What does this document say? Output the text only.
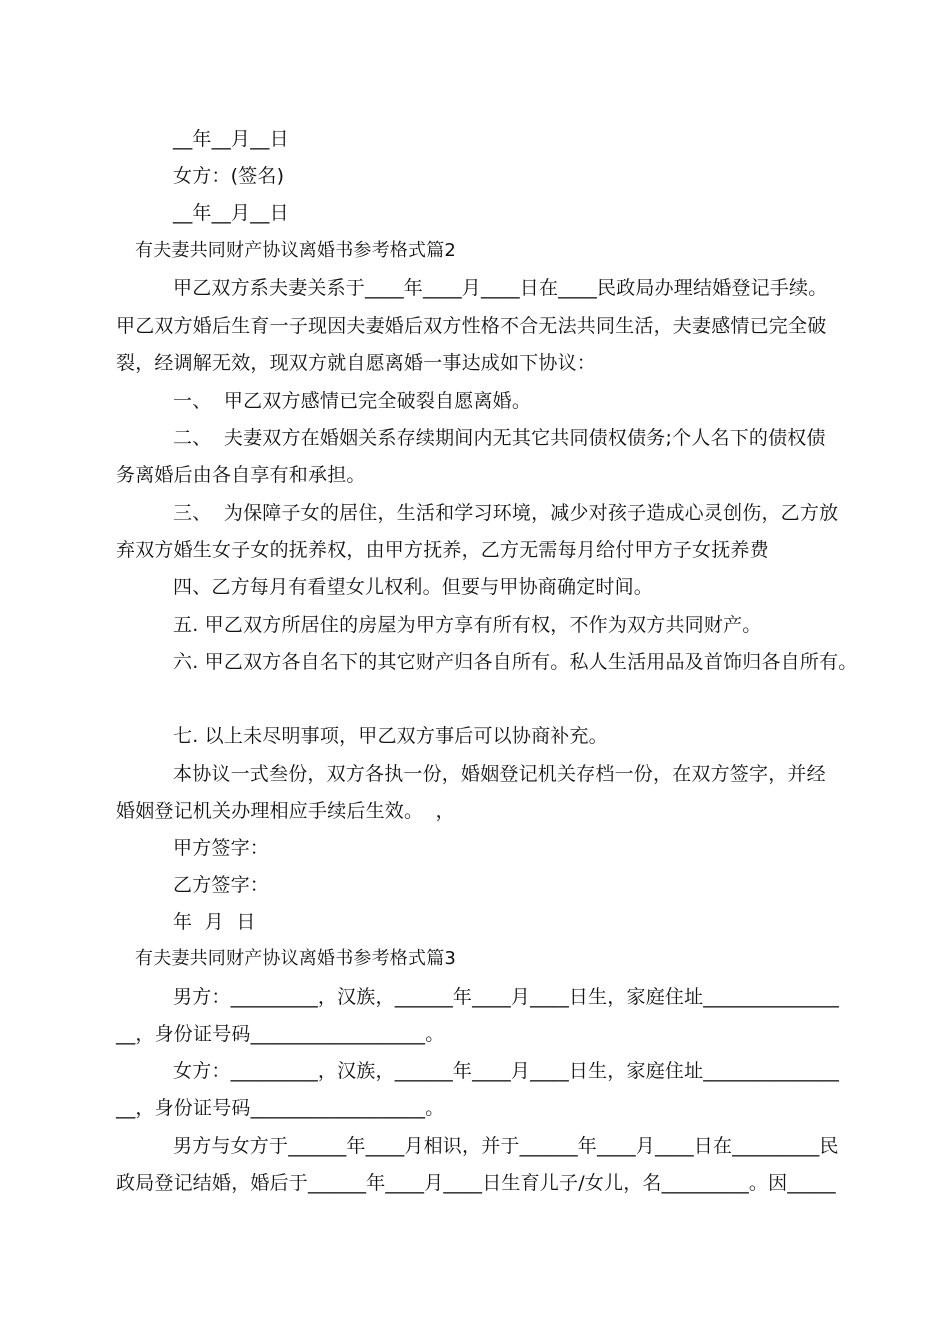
__年__月__日
女方：(签名)
__年__月__日
有夫妻共同财产协议离婚书参考格式篇2
甲乙双方系夫妻关系于____年____月____日在____民政局办理结婚登记手续。
甲乙双方婚后生育一子现因夫妻婚后双方性格不合无法共同生活，夫妻感情已完全破
裂，经调解无效，现双方就自愿离婚一事达成如下协议：
一、  甲乙双方感情已完全破裂自愿离婚。
二、  夫妻双方在婚姻关系存续期间内无其它共同债权债务;个人名下的债权债
务离婚后由各自享有和承担。
三、  为保障子女的居住，生活和学习环境，减少对孩子造成心灵创伤，乙方放
弃双方婚生女子女的抚养权，由甲方抚养，乙方无需每月给付甲方子女抚养费
四、乙方每月有看望女儿权利。但要与甲协商确定时间。
五. 甲乙双方所居住的房屋为甲方享有所有权，不作为双方共同财产。
六. 甲乙双方各自名下的其它财产归各自所有。私人生活用品及首饰归各自所有。
七. 以上未尽明事项，甲乙双方事后可以协商补充。
本协议一式叁份，双方各执一份，婚姻登记机关存档一份，在双方签字，并经
婚姻登记机关办理相应手续后生效。  ，
甲方签字：
乙方签字：
年  月  日
有夫妻共同财产协议离婚书参考格式篇3
男方：_________，汉族，______年____月____日生，家庭住址______________
__，身份证号码__________________。
女方：_________，汉族，______年____月____日生，家庭住址______________
__，身份证号码__________________。
男方与女方于______年____月相识，并于______年____月____日在_________民
政局登记结婚，婚后于______年____月____日生育儿子/女儿，名_________。因_____
